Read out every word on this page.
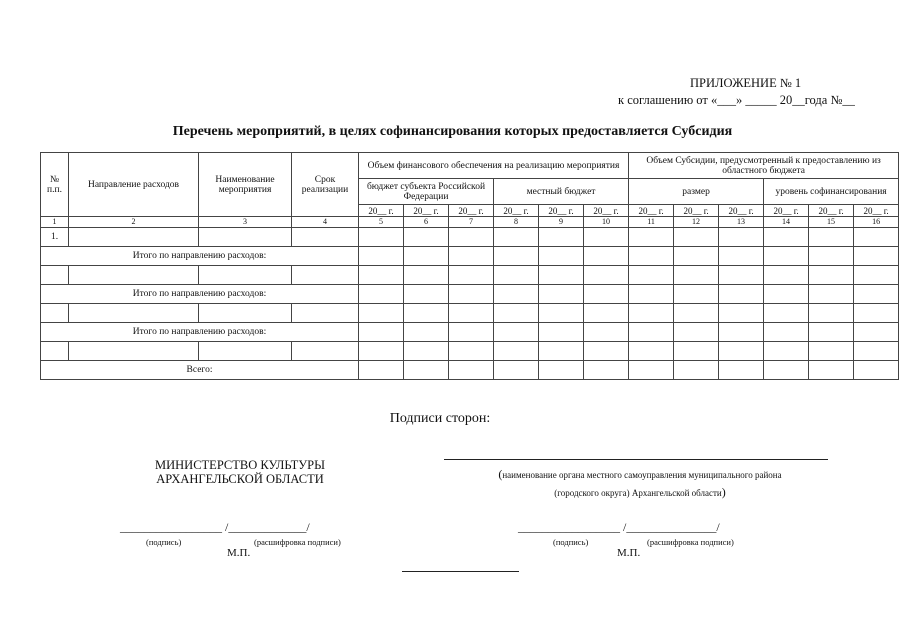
ПРИЛОЖЕНИЕ № 1
к соглашению от «___» _____ 20__года №__
Перечень мероприятий, в целях софинансирования которых предоставляется Субсидия
№ п.п.	Направление расходов	Наименование мероприятия	Срок реализации	Объем финансового обеспечения на реализацию мероприятия						Объем Субсидии, предусмотренный к предоставлению из областного бюджета					
				бюджет субъекта Российской Федерации			местный бюджет			размер			уровень софинансирования		
				20__ г.	20__ г.	20__ г.	20__ г.	20__ г.	20__ г.	20__ г.	20__ г.	20__ г.	20__ г.	20__ г.	20__ г.
1	2	3	4	5	6	7	8	9	10	11	12	13	14	15	16
1.															
Итого по направлению расходов:															

Итого по направлению расходов:															

Итого по направлению расходов:															

Всего:															
Подписи сторон:
МИНИСТЕРСТВО КУЛЬТУРЫ АРХАНГЕЛЬСКОЙ ОБЛАСТИ	(наименование органа местного самоуправления муниципального района
(городского округа) Архангельской области)
_________________ /_____________/
(подпись)	(расшифровка подписи)
М.П.
_________________ /_______________/
(подпись)	(расшифровка подписи)
М.П.
